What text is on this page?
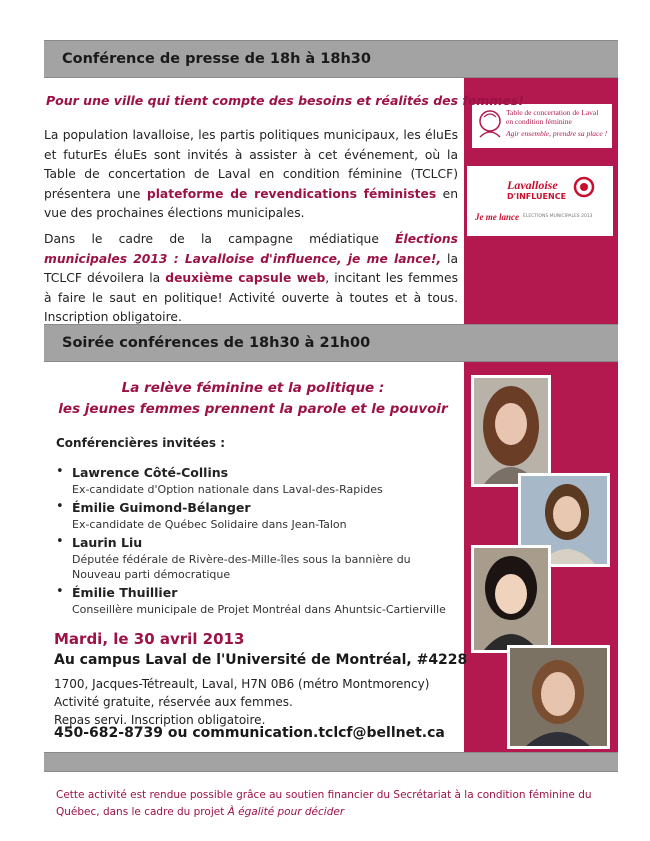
Conférence de presse de 18h à 18h30
Table de concertation de Laval
en condition féminine
Agir ensemble, prendre sa place !
Lavalloise
D'INFLUENCE
Je me lance ÉLECTIONS MUNICIPALES 2013
Pour une ville qui tient compte des besoins et réalités des femmes!
La population lavalloise, les partis politiques municipaux, les éluEs et futurEs éluEs sont invités à assister à cet événement, où la Table de concertation de Laval en condition féminine (TCLCF) présentera une plateforme de revendications féministes en vue des prochaines élections municipales.
Dans le cadre de la campagne médiatique Élections municipales 2013 : Lavalloise d'influence, je me lance!, la TCLCF dévoilera la deuxième capsule web, incitant les femmes à faire le saut en politique! Activité ouverte à toutes et à tous. Inscription obligatoire.
Soirée conférences de 18h30 à 21h00
La relève féminine et la politique :
les jeunes femmes prennent la parole et le pouvoir
Conférencières invitées :
• Lawrence Côté-Collins
Ex-candidate d'Option nationale dans Laval-des-Rapides
• Émilie Guimond-Bélanger
Ex-candidate de Québec Solidaire dans Jean-Talon
• Laurin Liu
Députée fédérale de Rivère-des-Mille-îles sous la bannière du Nouveau parti démocratique
• Émilie Thuillier
Conseillère municipale de Projet Montréal dans Ahuntsic-Cartierville
Mardi, le 30 avril 2013
Au campus Laval de l'Université de Montréal, #4228
1700, Jacques-Tétreault, Laval, H7N 0B6 (métro Montmorency)
Activité gratuite, réservée aux femmes.
Repas servi. Inscription obligatoire.
450-682-8739 ou communication.tclcf@bellnet.ca
Cette activité est rendue possible grâce au soutien financier du Secrétariat à la condition féminine du Québec, dans le cadre du projet À égalité pour décider
